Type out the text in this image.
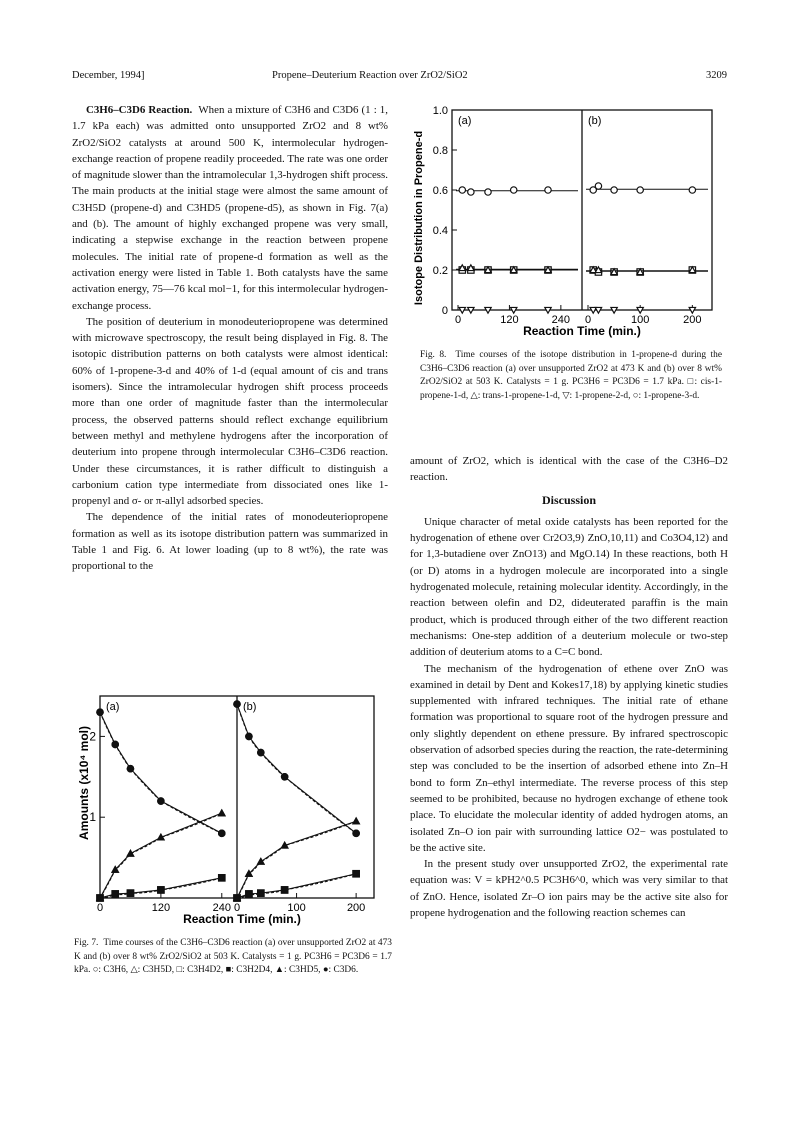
December, 1994]	Propene–Deuterium Reaction over ZrO2/SiO2	3209

C3H6–C3D6 Reaction. When a mixture of C3H6 and C3D6 (1 : 1, 1.7 kPa each) was admitted onto unsupported ZrO2 and 8 wt% ZrO2/SiO2 catalysts at around 500 K, intermolecular hydrogen-exchange reaction of propene readily proceeded. The rate was one order of magnitude slower than the intramolecular 1,3-hydrogen shift process. The main products at the initial stage were almost the same amount of C3H5D (propene-d) and C3HD5 (propene-d5), as shown in Fig. 7(a) and (b). The amount of highly exchanged propene was very small, indicating a stepwise exchange in the reaction between propene molecules. The initial rate of propene-d formation as well as the activation energy were listed in Table 1. Both catalysts have the same activation energy, 75—76 kcal mol−1, for this intermolecular hydrogen-exchange process.

The position of deuterium in monodeuteriopropene was determined with microwave spectroscopy, the result being displayed in Fig. 8. The isotopic distribution patterns on both catalysts were almost identical: 60% of 1-propene-3-d and 40% of 1-d (equal amount of cis and trans isomers). Since the intramolecular hydrogen shift process proceeds more than one order of magnitude faster than the intermolecular process, the observed patterns should reflect exchange equilibrium between methyl and methylene hydrogens after the incorporation of deuterium into propene through intermolecular C3H6–C3D6 reaction. Under these circumstances, it is rather difficult to distinguish a carbonium cation type intermediate from dissociated ones like 1-propenyl and σ- or π-allyl adsorbed species.

The dependence of the initial rates of monodeuteriopropene formation as well as its isotope distribution pattern was summarized in Table 1 and Fig. 6. At lower loading (up to 8 wt%), the rate was proportional to the

amount of ZrO2, which is identical with the case of the C3H6–D2 reaction.

Discussion

Unique character of metal oxide catalysts has been reported for the hydrogenation of ethene over Cr2O3,9) ZnO,10,11) and Co3O4,12) and for 1,3-butadiene over ZnO13) and MgO.14) In these reactions, both H (or D) atoms in a hydrogen molecule are incorporated into a single hydrogenated molecule, retaining molecular identity. Accordingly, in the reaction between olefin and D2, dideuterated paraffin is the main product, which is produced through either of the two different reaction mechanisms: One-step addition of a deuterium molecule or two-step addition of deuterium atoms to a C=C bond.

The mechanism of the hydrogenation of ethene over ZnO was examined in detail by Dent and Kokes17,18) by applying kinetic studies supplemented with infrared techniques. The initial rate of ethane formation was proportional to square root of the hydrogen pressure and only slightly dependent on ethene pressure. By infrared spectroscopic observation of adsorbed species during the reaction, the rate-determining step was concluded to be the insertion of adsorbed ethene into Zn–H bond to form Zn–ethyl intermediate. The reverse process of this step seemed to be prohibited, because no hydrogen exchange of ethene took place. To elucidate the molecular identity of added hydrogen atoms, an isolated Zn–O ion pair with surrounding lattice O2− was postulated to be the active site.

In the present study over unsupported ZrO2, the experimental rate equation was: V = kPH2^0.5 PC3H6^0, which was very similar to that of ZnO. Hence, isolated Zr–O ion pairs may be the active site also for propene hydrogenation and the following reaction schemes can

0
0.2
0.4
0.6
0.8
1.0
(a)
0	120	240
(b)
0	100	200
Isotope Distribution in Propene-d
Reaction Time (min.)
Fig. 8. Time courses of the isotope distribution in 1-propene-d during the C3H6–C3D6 reaction (a) over unsupported ZrO2 at 473 K and (b) over 8 wt% ZrO2/SiO2 at 503 K. Catalysts = 1 g. PC3H6 = PC3D6 = 1.7 kPa. □: cis-1-propene-1-d, △: trans-1-propene-1-d, ▽: 1-propene-2-d, ○: 1-propene-3-d.
1
2
(a)
0	120	240
(b)
0	100	200
Amounts (x10⁴ mol)
Reaction Time (min.)
Fig. 7. Time courses of the C3H6–C3D6 reaction (a) over unsupported ZrO2 at 473 K and (b) over 8 wt% ZrO2/SiO2 at 503 K. Catalysts = 1 g. PC3H6 = PC3D6 = 1.7 kPa. ○: C3H6, △: C3H5D, □: C3H4D2, ■: C3H2D4, ▲: C3HD5, ●: C3D6.
